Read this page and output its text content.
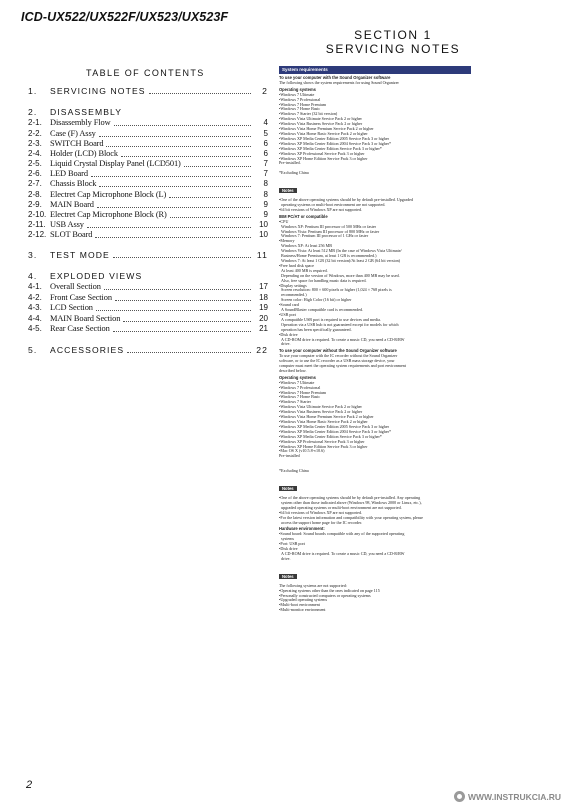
ICD-UX522/UX522F/UX523/UX523F
SECTION 1
SERVICING NOTES
TABLE OF CONTENTS
1.	SERVICING NOTES	2
2.	DISASSEMBLY
2-1. Disassembly Flow	4
2-2. Case (F) Assy	5
2-3. SWITCH Board	6
2-4. Holder (LCD) Block	6
2-5. Liquid Crystal Display Panel (LCD501)	7
2-6. LED Board	7
2-7. Chassis Block	8
2-8. Electret Cap Microphone Block (L)	8
2-9. MAIN Board	9
2-10. Electret Cap Microphone Block (R)	9
2-11. USB Assy	10
2-12. SLOT Board	10
3.	TEST MODE	11
4.	EXPLODED VIEWS
4-1. Overall Section	17
4-2. Front Case Section	18
4-3. LCD Section	19
4-4. MAIN Board Section	20
4-5. Rear Case Section	21
5.	ACCESSORIES	22
System requirements
To use your computer with the Sound Organizer software
The following shows the system requirements for using Sound Organizer
Operating systems
•Windows 7 Ultimate
•Windows 7 Professional
•Windows 7 Home Premium
•Windows 7 Home Basic
•Windows 7 Starter (32 bit version)
•Windows Vista Ultimate Service Pack 2 or higher
•Windows Vista Business Service Pack 2 or higher
•Windows Vista Home Premium Service Pack 2 or higher
•Windows Vista Home Basic Service Pack 2 or higher
•Windows XP Media Center Edition 2005 Service Pack 3 or higher
•Windows XP Media Center Edition 2004 Service Pack 3 or higher*
•Windows XP Media Center Edition Service Pack 3 or higher*
•Windows XP Professional Service Pack 3 or higher
•Windows XP Home Edition Service Pack 3 or higher
Pre-installed.

*Excluding China
Notes
•One of the above operating systems should be by default pre-installed. Upgraded
operating systems or multi-boot environment are not supported.
•64 bit versions of Windows XP are not supported.
IBM PC/AT or compatible
•CPU
Windows XP: Pentium III processor of 500 MHz or faster
Windows Vista: Pentium III processor of 800 MHz or faster
Windows 7: Pentium III processor of 1 GHz or faster
•Memory
Windows XP: At least 256 MB
Windows Vista: At least 512 MB (In the case of Windows Vista Ultimate/
Business/Home Premium, at least 1 GB is recommended.)
Windows 7: At least 1 GB (32 bit version)/At least 2 GB (64 bit version)
•Free hard disk space
At least 400 MB is required.
Depending on the version of Windows, more than 400 MB may be used.
Also, free space for handling music data is required.
•Display settings
Screen resolution: 800 × 600 pixels or higher (1,024 × 768 pixels is
recommended.)
Screen color: High Color (16 bit) or higher
•Sound card
A SoundBlaster compatible card is recommended.
•USB port
A compatible USB port is required to use devices and media.
Operation via a USB hub is not guaranteed except for models for which
operation has been specifically guaranteed.
•Disk drive
A CD-ROM drive is required. To create a music CD, you need a CD-R/RW
drive.
To use your computer without the Sound Organizer software
To use your computer with the IC recorder without the Sound Organizer
software, or to use the IC recorder as a USB mass storage device, your
computer must meet the operating system requirements and port environment
described below.
Operating systems
•Windows 7 Ultimate
•Windows 7 Professional
•Windows 7 Home Premium
•Windows 7 Home Basic
•Windows 7 Starter
•Windows Vista Ultimate Service Pack 2 or higher
•Windows Vista Business Service Pack 2 or higher
•Windows Vista Home Premium Service Pack 2 or higher
•Windows Vista Home Basic Service Pack 2 or higher
•Windows XP Media Center Edition 2005 Service Pack 3 or higher
•Windows XP Media Center Edition 2004 Service Pack 3 or higher*
•Windows XP Media Center Edition Service Pack 3 or higher*
•Windows XP Professional Service Pack 3 or higher
•Windows XP Home Edition Service Pack 3 or higher
•Mac OS X (v10.5.8-v10.6)
Pre-installed

*Excluding China
Notes
•One of the above operating systems should be by default pre-installed. Any operating
system other than those indicated above (Windows 98, Windows 2000 or Linux, etc.),
upgraded operating systems or multi-boot environment are not supported.
•64 bit versions of Windows XP are not supported.
•For the latest version information and compatibility with your operating system, please
access the support home page for the IC recorder.
Hardware environment:
•Sound board: Sound boards compatible with any of the supported operating
systems
•Port: USB port
•Disk drive
A CD-ROM drive is required. To create a music CD, you need a CD-R/RW
drive.
Notes
The following systems are not supported:
•Operating systems other than the ones indicated on page 115
•Personally constructed computers or operating systems
•Upgraded operating systems
•Multi-boot environment
•Multi-monitor environment
2
WWW.INSTRUKCIA.RU
